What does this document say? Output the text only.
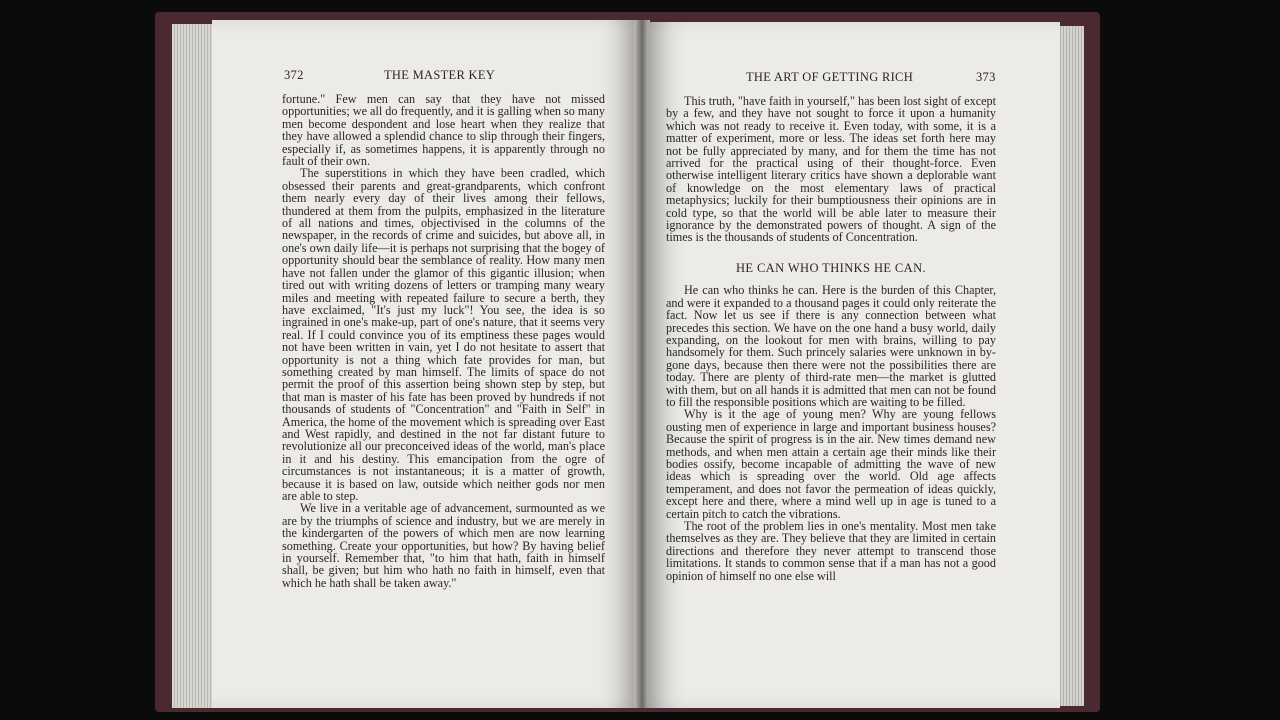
372	THE MASTER KEY

fortune." Few men can say that they have not missed opportunities; we all do frequently, and it is galling when so many men become despondent and lose heart when they realize that they have allowed a splendid chance to slip through their fingers, especially if, as sometimes happens, it is apparently through no fault of their own.

The superstitions in which they have been cradled, which obsessed their parents and great-grandparents, which confront them nearly every day of their lives among their fellows, thundered at them from the pulpits, emphasized in the literature of all nations and times, objectivised in the columns of the newspaper, in the records of crime and suicides, but above all, in one's own daily life—it is perhaps not surprising that the bogey of opportunity should bear the semblance of reality. How many men have not fallen under the glamor of this gigantic illusion; when tired out with writing dozens of letters or tramping many weary miles and meeting with repeated failure to secure a berth, they have exclaimed, "It's just my luck"! You see, the idea is so ingrained in one's make-up, part of one's nature, that it seems very real. If I could convince you of its emptiness these pages would not have been written in vain, yet I do not hesitate to assert that opportunity is not a thing which fate provides for man, but something created by man himself. The limits of space do not permit the proof of this assertion being shown step by step, but that man is master of his fate has been proved by hundreds if not thousands of students of "Concentration" and "Faith in Self" in America, the home of the movement which is spreading over East and West rapidly, and destined in the not far distant future to revolutionize all our preconceived ideas of the world, man's place in it and his destiny. This emancipation from the ogre of circumstances is not instantaneous; it is a matter of growth, because it is based on law, outside which neither gods nor men are able to step.

We live in a veritable age of advancement, surmounted as we are by the triumphs of science and industry, but we are merely in the kindergarten of the powers of which men are now learning something. Create your opportunities, but how? By having belief in yourself. Remember that, "to him that hath, faith in himself shall, be given; but him who hath no faith in himself, even that which he hath shall be taken away."

THE ART OF GETTING RICH	373

This truth, "have faith in yourself," has been lost sight of except by a few, and they have not sought to force it upon a humanity which was not ready to receive it. Even today, with some, it is a matter of experiment, more or less. The ideas set forth here may not be fully appreciated by many, and for them the time has not arrived for the practical using of their thought-force. Even otherwise intelligent literary critics have shown a deplorable want of knowledge on the most elementary laws of practical metaphysics; luckily for their bumptiousness their opinions are in cold type, so that the world will be able later to measure their ignorance by the demonstrated powers of thought. A sign of the times is the thousands of students of Concentration.

HE CAN WHO THINKS HE CAN.

He can who thinks he can. Here is the burden of this Chapter, and were it expanded to a thousand pages it could only reiterate the fact. Now let us see if there is any connection between what precedes this section. We have on the one hand a busy world, daily expanding, on the lookout for men with brains, willing to pay handsomely for them. Such princely salaries were unknown in by-gone days, because then there were not the possibilities there are today. There are plenty of third-rate men—the market is glutted with them, but on all hands it is admitted that men can not be found to fill the responsible positions which are waiting to be filled.

Why is it the age of young men? Why are young fellows ousting men of experience in large and important business houses? Because the spirit of progress is in the air. New times demand new methods, and when men attain a certain age their minds like their bodies ossify, become incapable of admitting the wave of new ideas which is spreading over the world. Old age affects temperament, and does not favor the permeation of ideas quickly, except here and there, where a mind well up in age is tuned to a certain pitch to catch the vibrations.

The root of the problem lies in one's mentality. Most men take themselves as they are. They believe that they are limited in certain directions and therefore they never attempt to transcend those limitations. It stands to common sense that if a man has not a good opinion of himself no one else will
